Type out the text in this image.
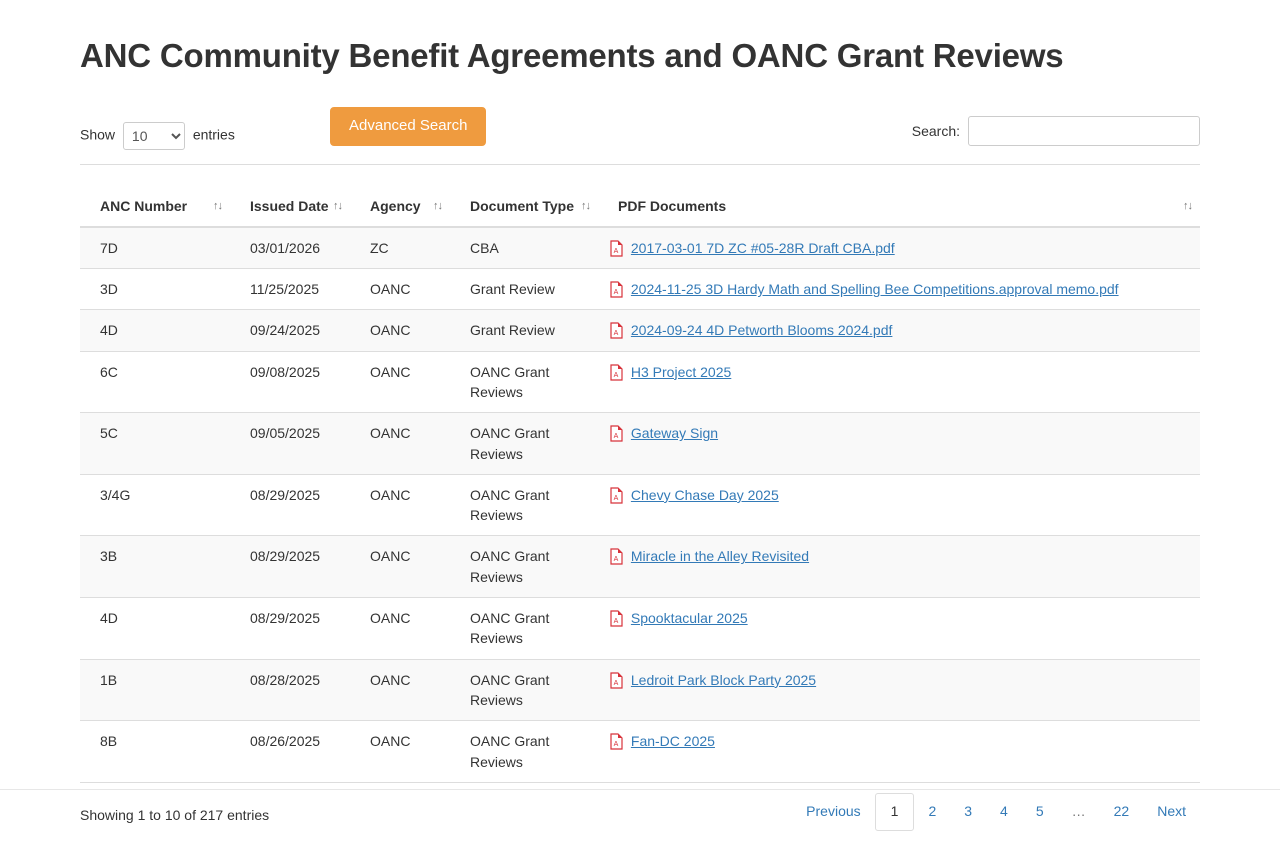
ANC Community Benefit Agreements and OANC Grant Reviews
Show
10	entries
Advanced Search	Search:
ANC Number ↑↓	Issued Date ↑↓	Agency ↑↓	Document Type ↑↓	PDF Documents ↑↓

7D	03/01/2026	ZC	CBA	A 2017-03-01 7D ZC #05-28R Draft CBA.pdf
3D	11/25/2025	OANC	Grant Review	A 2024-11-25 3D Hardy Math and Spelling Bee Competitions.approval memo.pdf
4D	09/24/2025	OANC	Grant Review	A 2024-09-24 4D Petworth Blooms 2024.pdf
6C	09/08/2025	OANC	OANC Grant Reviews	A H3 Project 2025
5C	09/05/2025	OANC	OANC Grant Reviews	A Gateway Sign
3/4G	08/29/2025	OANC	OANC Grant Reviews	A Chevy Chase Day 2025
3B	08/29/2025	OANC	OANC Grant Reviews	A Miracle in the Alley Revisited
4D	08/29/2025	OANC	OANC Grant Reviews	A Spooktacular 2025
1B	08/28/2025	OANC	OANC Grant Reviews	A Ledroit Park Block Party 2025
8B	08/26/2025	OANC	OANC Grant Reviews	A Fan-DC 2025
Showing 1 to 10 of 217 entries	Previous	1	2	3	4	5	…	22	Next
